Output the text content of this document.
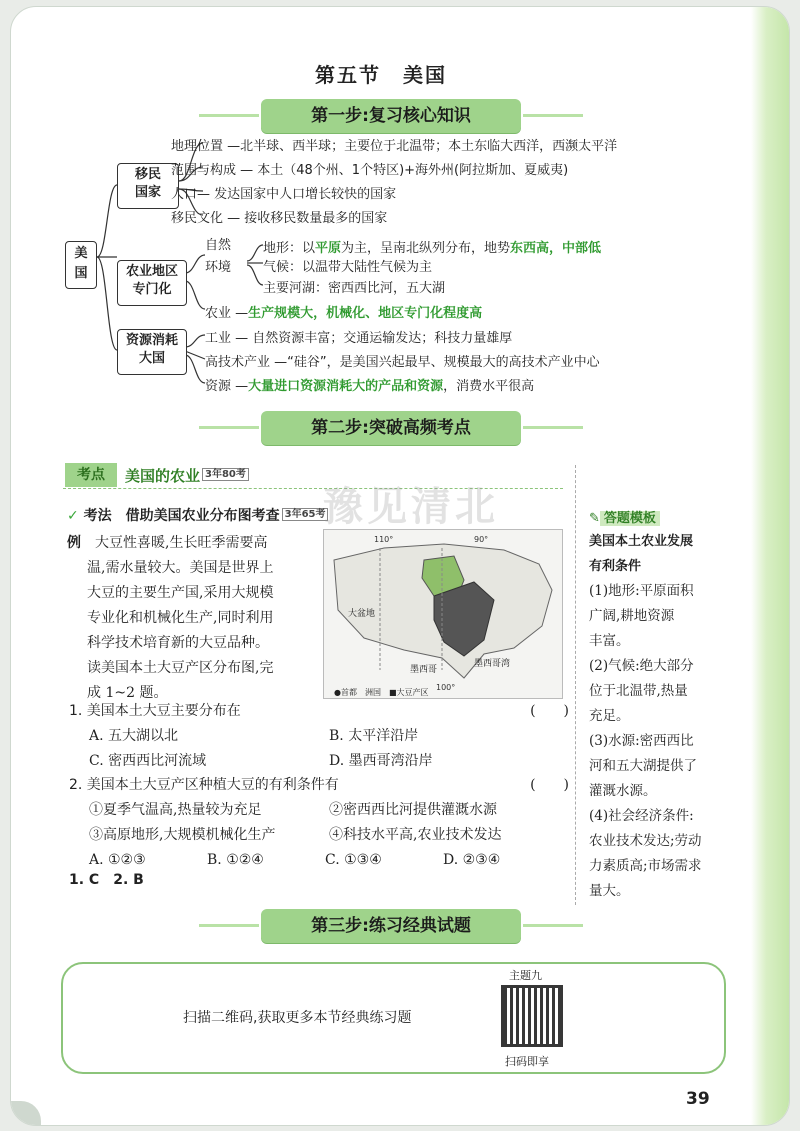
第五节　美国
第一步:复习核心知识
美国
移民
国家
地理位置 —北半球、西半球；主要位于北温带；本土东临大西洋，西濒太平洋
范围与构成 — 本土（48个州、1个特区)+海外州(阿拉斯加、夏威夷)
人口— 发达国家中人口增长较快的国家
移民文化 — 接收移民数量最多的国家
农业地区
专门化
自然
环境
地形：以平原为主，呈南北纵列分布，地势东西高，中部低
气候：以温带大陆性气候为主
主要河湖：密西西比河，五大湖
农业 —生产规模大，机械化、地区专门化程度高
资源消耗
大国
工业 — 自然资源丰富；交通运输发达；科技力量雄厚
高技术产业 —“硅谷”，是美国兴起最早、规模最大的高技术产业中心
资源 —大量进口资源消耗大的产品和资源，消费水平很高
第二步:突破高频考点
考点	美国的农业 $^{3年80考}$
✓ 考法　 借助美国农业分布图考查 $^{3年65考}$
例　 大豆性喜暖,生长旺季需要高
温,需水量较大。美国是世界上
大豆的主要生产国,采用大规模
专业化和机械化生产,同时利用
科学技术培育新的大豆品种。
读美国本土大豆产区分布图,完
成 1~2 题。
110°	90°
100°
大盆地
墨西哥湾
墨西哥
●首都　洲国　■大豆产区
豫见清北
1. 美国本土大豆主要分布在	(　　)
A. 五大湖以北	B. 太平洋沿岸
C. 密西西比河流域	D. 墨西哥湾沿岸
2. 美国本土大豆产区种植大豆的有利条件有	(　　)
①夏季气温高,热量较为充足	②密西西比河提供灌溉水源
③高原地形,大规模机械化生产	④科技水平高,农业技术发达
A. ①②③	B. ①②④	C. ①③④	D. ②③④
1. C　2. B
✎ 答题模板
美国本土农业发展
有利条件
(1)地形:平原面积
广阔,耕地资源
丰富。
(2)气候:绝大部分
位于北温带,热量
充足。
(3)水源:密西西比
河和五大湖提供了
灌溉水源。
(4)社会经济条件:
农业技术发达;劳动
力素质高;市场需求
量大。
第三步:练习经典试题
扫描二维码,获取更多本节经典练习题
主题九
扫码即享
39
